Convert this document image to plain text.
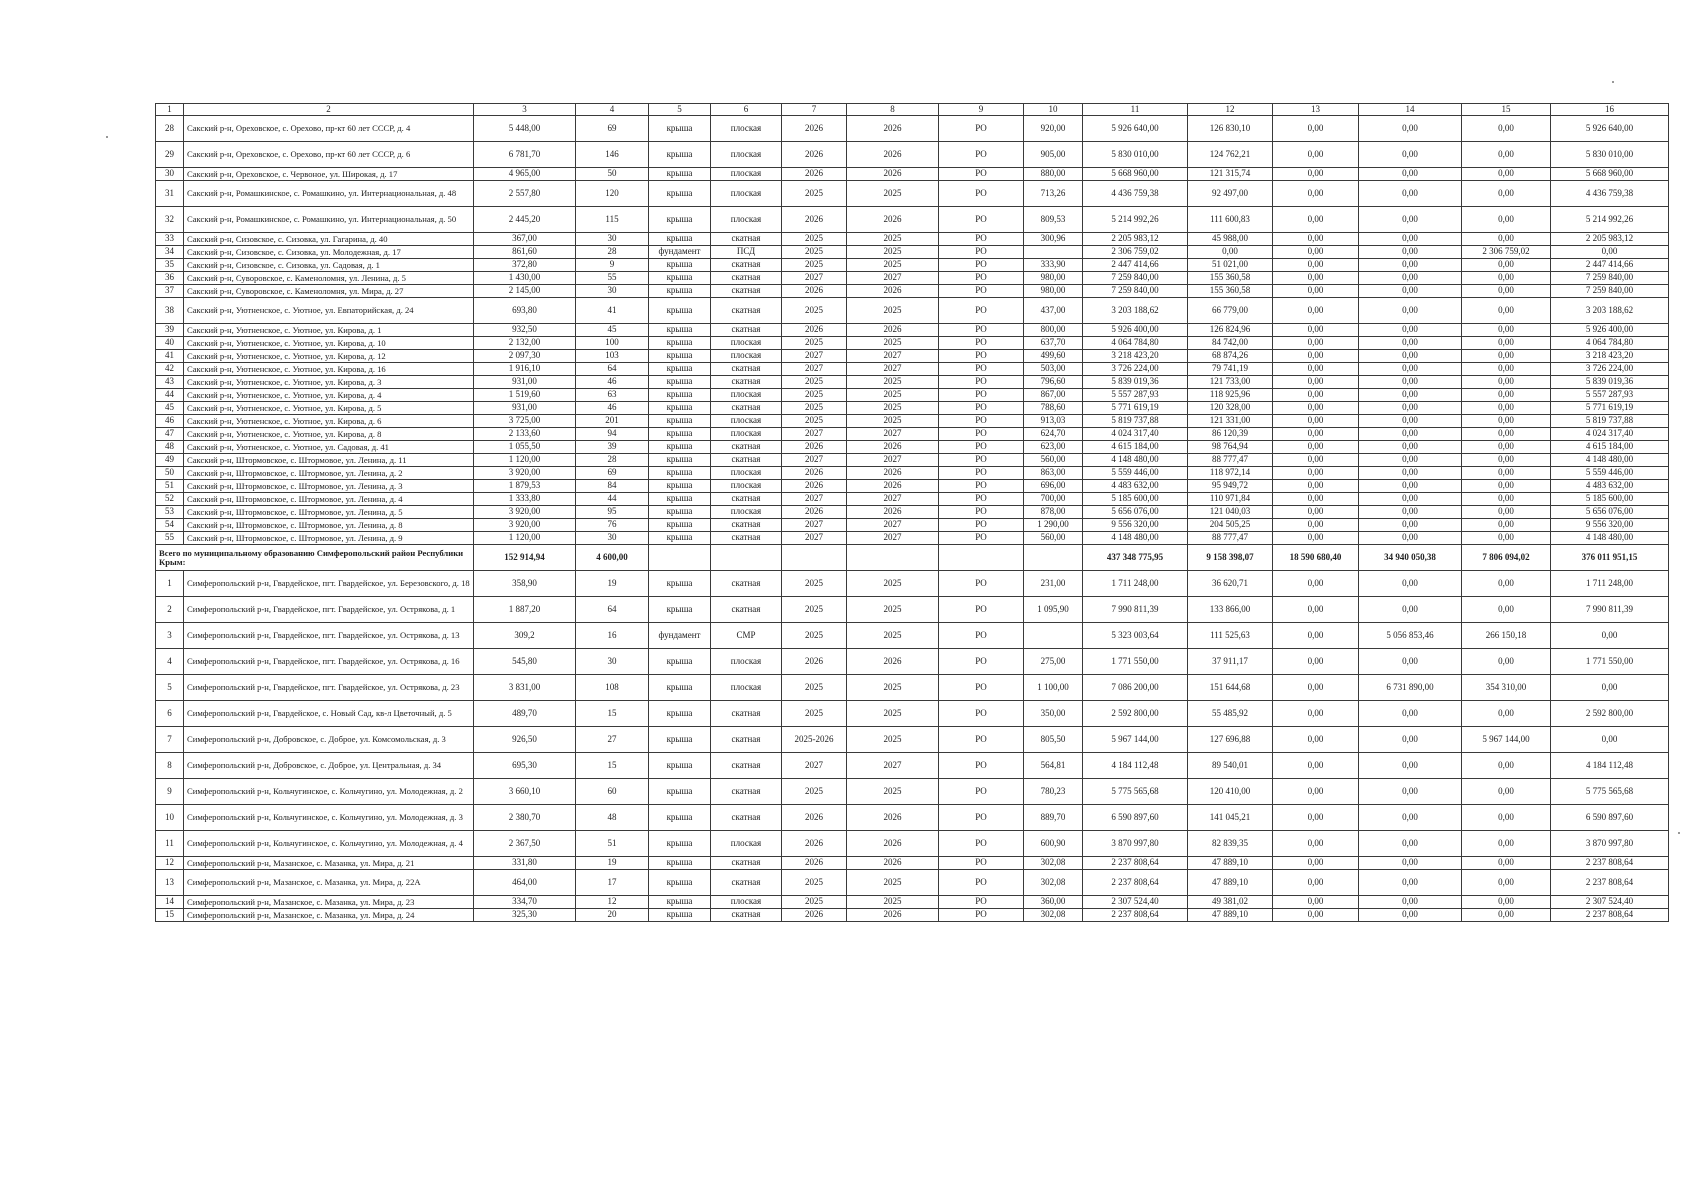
1	2	3	4	5	6	7	8	9	10	11	12	13	14	15	16
28	Сакский р-н, Ореховское, с. Орехово, пр-кт 60 лет СССР, д. 4	5 448,00	69	крыша	плоская	2026	2026	РО	920,00	5 926 640,00	126 830,10	0,00	0,00	0,00	5 926 640,00
29	Сакский р-н, Ореховское, с. Орехово, пр-кт 60 лет СССР, д. 6	6 781,70	146	крыша	плоская	2026	2026	РО	905,00	5 830 010,00	124 762,21	0,00	0,00	0,00	5 830 010,00
30	Сакский р-н, Ореховское, с. Червоное, ул. Широкая, д. 17	4 965,00	50	крыша	плоская	2026	2026	РО	880,00	5 668 960,00	121 315,74	0,00	0,00	0,00	5 668 960,00
31	Сакский р-н, Ромашкинское, с. Ромашкино, ул. Интернациональная, д. 48	2 557,80	120	крыша	плоская	2025	2025	РО	713,26	4 436 759,38	92 497,00	0,00	0,00	0,00	4 436 759,38
32	Сакский р-н, Ромашкинское, с. Ромашкино, ул. Интернациональная, д. 50	2 445,20	115	крыша	плоская	2026	2026	РО	809,53	5 214 992,26	111 600,83	0,00	0,00	0,00	5 214 992,26
33	Сакский р-н, Сизовское, с. Сизовка, ул. Гагарина, д. 40	367,00	30	крыша	скатная	2025	2025	РО	300,96	2 205 983,12	45 988,00	0,00	0,00	0,00	2 205 983,12
34	Сакский р-н, Сизовское, с. Сизовка, ул. Молодежная, д. 17	861,60	28	фундамент	ПСД	2025	2025	РО		2 306 759,02	0,00	0,00	0,00	2 306 759,02	0,00
35	Сакский р-н, Сизовское, с. Сизовка, ул. Садовая, д. 1	372,80	9	крыша	скатная	2025	2025	РО	333,90	2 447 414,66	51 021,00	0,00	0,00	0,00	2 447 414,66
36	Сакский р-н, Суворовское, с. Каменоломня, ул. Ленина, д. 5	1 430,00	55	крыша	скатная	2027	2027	РО	980,00	7 259 840,00	155 360,58	0,00	0,00	0,00	7 259 840,00
37	Сакский р-н, Суворовское, с. Каменоломня, ул. Мира, д. 27	2 145,00	30	крыша	скатная	2026	2026	РО	980,00	7 259 840,00	155 360,58	0,00	0,00	0,00	7 259 840,00
38	Сакский р-н, Уютненское, с. Уютное, ул. Евпаторийская, д. 24	693,80	41	крыша	скатная	2025	2025	РО	437,00	3 203 188,62	66 779,00	0,00	0,00	0,00	3 203 188,62
39	Сакский р-н, Уютненское, с. Уютное, ул. Кирова, д. 1	932,50	45	крыша	скатная	2026	2026	РО	800,00	5 926 400,00	126 824,96	0,00	0,00	0,00	5 926 400,00
40	Сакский р-н, Уютненское, с. Уютное, ул. Кирова, д. 10	2 132,00	100	крыша	плоская	2025	2025	РО	637,70	4 064 784,80	84 742,00	0,00	0,00	0,00	4 064 784,80
41	Сакский р-н, Уютненское, с. Уютное, ул. Кирова, д. 12	2 097,30	103	крыша	плоская	2027	2027	РО	499,60	3 218 423,20	68 874,26	0,00	0,00	0,00	3 218 423,20
42	Сакский р-н, Уютненское, с. Уютное, ул. Кирова, д. 16	1 916,10	64	крыша	скатная	2027	2027	РО	503,00	3 726 224,00	79 741,19	0,00	0,00	0,00	3 726 224,00
43	Сакский р-н, Уютненское, с. Уютное, ул. Кирова, д. 3	931,00	46	крыша	скатная	2025	2025	РО	796,60	5 839 019,36	121 733,00	0,00	0,00	0,00	5 839 019,36
44	Сакский р-н, Уютненское, с. Уютное, ул. Кирова, д. 4	1 519,60	63	крыша	плоская	2025	2025	РО	867,00	5 557 287,93	118 925,96	0,00	0,00	0,00	5 557 287,93
45	Сакский р-н, Уютненское, с. Уютное, ул. Кирова, д. 5	931,00	46	крыша	скатная	2025	2025	РО	788,60	5 771 619,19	120 328,00	0,00	0,00	0,00	5 771 619,19
46	Сакский р-н, Уютненское, с. Уютное, ул. Кирова, д. 6	3 725,00	201	крыша	плоская	2025	2025	РО	913,03	5 819 737,88	121 331,00	0,00	0,00	0,00	5 819 737,88
47	Сакский р-н, Уютненское, с. Уютное, ул. Кирова, д. 8	2 133,60	94	крыша	плоская	2027	2027	РО	624,70	4 024 317,40	86 120,39	0,00	0,00	0,00	4 024 317,40
48	Сакский р-н, Уютненское, с. Уютное, ул. Садовая, д. 41	1 055,50	39	крыша	скатная	2026	2026	РО	623,00	4 615 184,00	98 764,94	0,00	0,00	0,00	4 615 184,00
49	Сакский р-н, Штормовское, с. Штормовое, ул. Ленина, д. 11	1 120,00	28	крыша	скатная	2027	2027	РО	560,00	4 148 480,00	88 777,47	0,00	0,00	0,00	4 148 480,00
50	Сакский р-н, Штормовское, с. Штормовое, ул. Ленина, д. 2	3 920,00	69	крыша	плоская	2026	2026	РО	863,00	5 559 446,00	118 972,14	0,00	0,00	0,00	5 559 446,00
51	Сакский р-н, Штормовское, с. Штормовое, ул. Ленина, д. 3	1 879,53	84	крыша	плоская	2026	2026	РО	696,00	4 483 632,00	95 949,72	0,00	0,00	0,00	4 483 632,00
52	Сакский р-н, Штормовское, с. Штормовое, ул. Ленина, д. 4	1 333,80	44	крыша	скатная	2027	2027	РО	700,00	5 185 600,00	110 971,84	0,00	0,00	0,00	5 185 600,00
53	Сакский р-н, Штормовское, с. Штормовое, ул. Ленина, д. 5	3 920,00	95	крыша	плоская	2026	2026	РО	878,00	5 656 076,00	121 040,03	0,00	0,00	0,00	5 656 076,00
54	Сакский р-н, Штормовское, с. Штормовое, ул. Ленина, д. 8	3 920,00	76	крыша	скатная	2027	2027	РО	1 290,00	9 556 320,00	204 505,25	0,00	0,00	0,00	9 556 320,00
55	Сакский р-н, Штормовское, с. Штормовое, ул. Ленина, д. 9	1 120,00	30	крыша	скатная	2027	2027	РО	560,00	4 148 480,00	88 777,47	0,00	0,00	0,00	4 148 480,00
Всего по муниципальному образованию Симферопольский район Республики Крым:		152 914,94	4 600,00							437 348 775,95	9 158 398,07	18 590 680,40	34 940 050,38	7 806 094,02	376 011 951,15
1	Симферопольский р-н, Гвардейское, пгт. Гвардейское, ул. Березовского, д. 18	358,90	19	крыша	скатная	2025	2025	РО	231,00	1 711 248,00	36 620,71	0,00	0,00	0,00	1 711 248,00
2	Симферопольский р-н, Гвардейское, пгт. Гвардейское, ул. Острякова, д. 1	1 887,20	64	крыша	скатная	2025	2025	РО	1 095,90	7 990 811,39	133 866,00	0,00	0,00	0,00	7 990 811,39
3	Симферопольский р-н, Гвардейское, пгт. Гвардейское, ул. Острякова, д. 13	309,2	16	фундамент	СМР	2025	2025	РО		5 323 003,64	111 525,63	0,00	5 056 853,46	266 150,18	0,00
4	Симферопольский р-н, Гвардейское, пгт. Гвардейское, ул. Острякова, д. 16	545,80	30	крыша	плоская	2026	2026	РО	275,00	1 771 550,00	37 911,17	0,00	0,00	0,00	1 771 550,00
5	Симферопольский р-н, Гвардейское, пгт. Гвардейское, ул. Острякова, д. 23	3 831,00	108	крыша	плоская	2025	2025	РО	1 100,00	7 086 200,00	151 644,68	0,00	6 731 890,00	354 310,00	0,00
6	Симферопольский р-н, Гвардейское, с. Новый Сад, кв-л Цветочный, д. 5	489,70	15	крыша	скатная	2025	2025	РО	350,00	2 592 800,00	55 485,92	0,00	0,00	0,00	2 592 800,00
7	Симферопольский р-н, Добровское, с. Доброе, ул. Комсомольская, д. 3	926,50	27	крыша	скатная	2025-2026	2025	РО	805,50	5 967 144,00	127 696,88	0,00	0,00	5 967 144,00	0,00
8	Симферопольский р-н, Добровское, с. Доброе, ул. Центральная, д. 34	695,30	15	крыша	скатная	2027	2027	РО	564,81	4 184 112,48	89 540,01	0,00	0,00	0,00	4 184 112,48
9	Симферопольский р-н, Кольчугинское, с. Кольчугино, ул. Молодежная, д. 2	3 660,10	60	крыша	скатная	2025	2025	РО	780,23	5 775 565,68	120 410,00	0,00	0,00	0,00	5 775 565,68
10	Симферопольский р-н, Кольчугинское, с. Кольчугино, ул. Молодежная, д. 3	2 380,70	48	крыша	скатная	2026	2026	РО	889,70	6 590 897,60	141 045,21	0,00	0,00	0,00	6 590 897,60
11	Симферопольский р-н, Кольчугинское, с. Кольчугино, ул. Молодежная, д. 4	2 367,50	51	крыша	плоская	2026	2026	РО	600,90	3 870 997,80	82 839,35	0,00	0,00	0,00	3 870 997,80
12	Симферопольский р-н, Мазанское, с. Мазанка, ул. Мира, д. 21	331,80	19	крыша	скатная	2026	2026	РО	302,08	2 237 808,64	47 889,10	0,00	0,00	0,00	2 237 808,64
13	Симферопольский р-н, Мазанское, с. Мазанка, ул. Мира, д. 22А	464,00	17	крыша	скатная	2025	2025	РО	302,08	2 237 808,64	47 889,10	0,00	0,00	0,00	2 237 808,64
14	Симферопольский р-н, Мазанское, с. Мазанка, ул. Мира, д. 23	334,70	12	крыша	плоская	2025	2025	РО	360,00	2 307 524,40	49 381,02	0,00	0,00	0,00	2 307 524,40
15	Симферопольский р-н, Мазанское, с. Мазанка, ул. Мира, д. 24	325,30	20	крыша	скатная	2026	2026	РО	302,08	2 237 808,64	47 889,10	0,00	0,00	0,00	2 237 808,64
